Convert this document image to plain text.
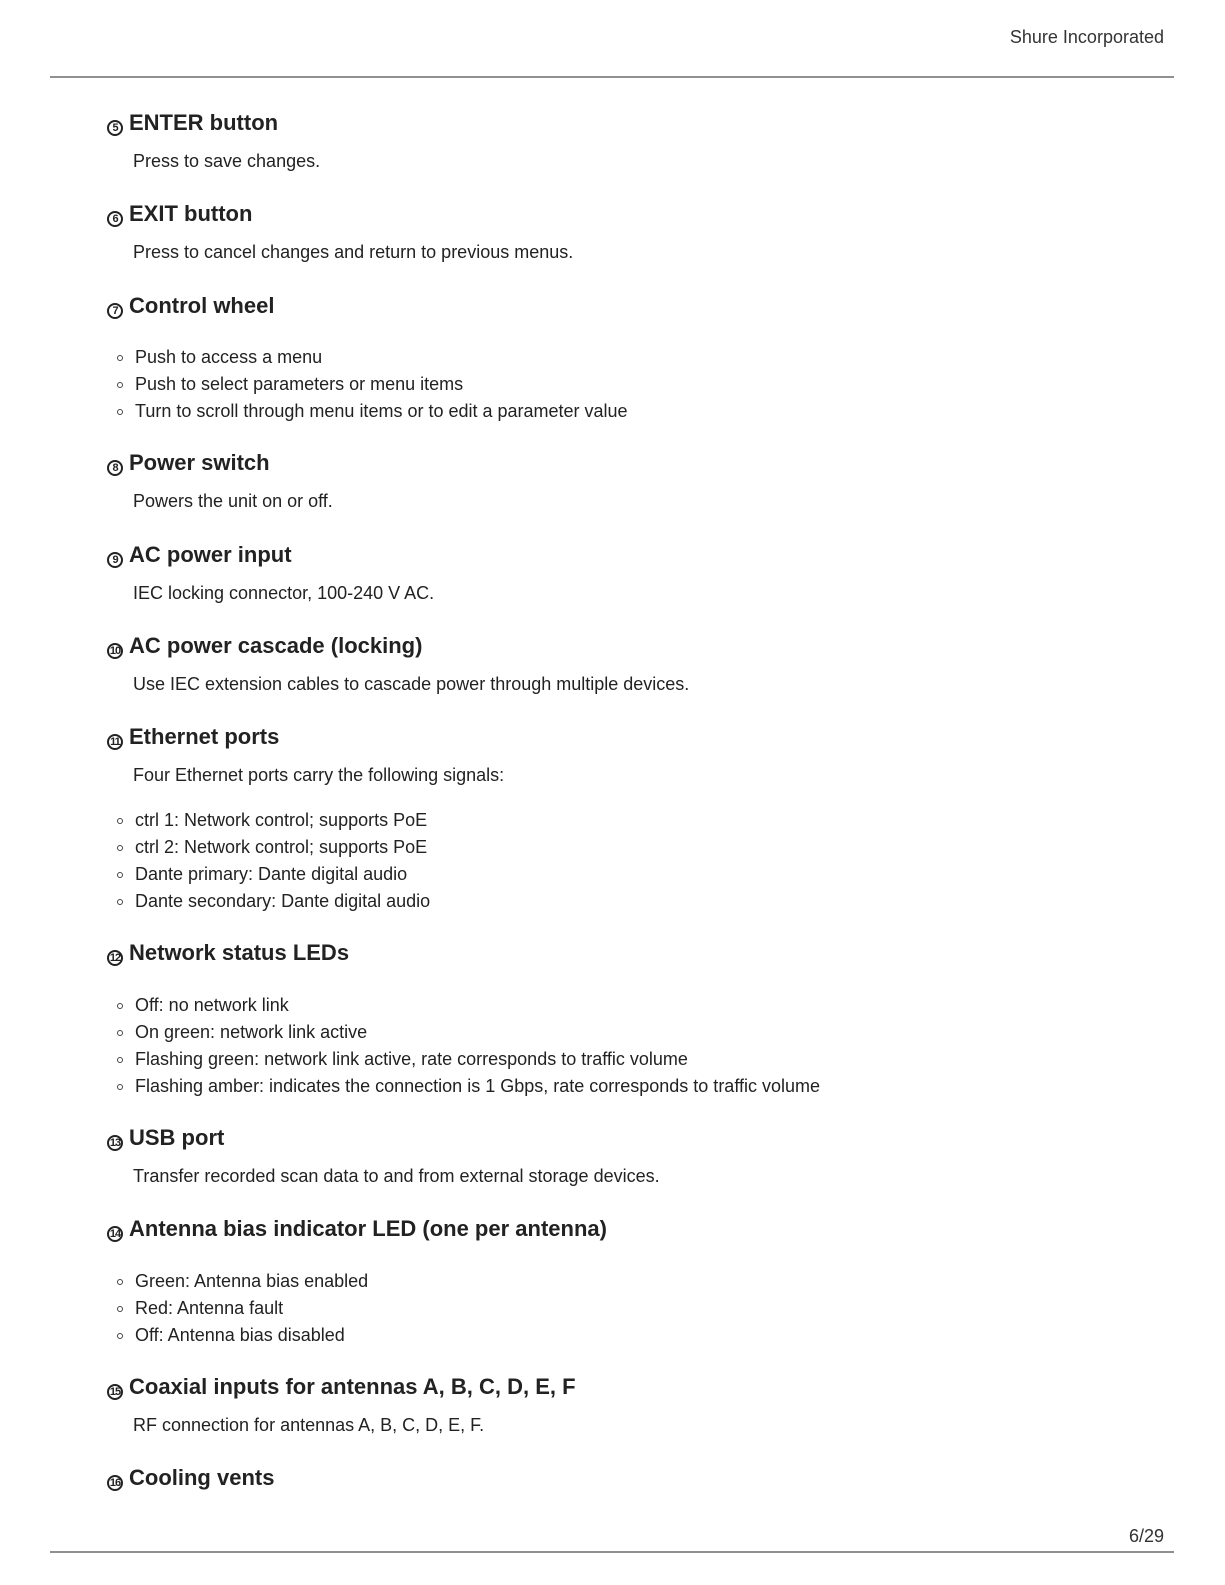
Shure Incorporated

5 ENTER button

Press to save changes.

6 EXIT button

Press to cancel changes and return to previous menus.

7 Control wheel
Push to access a menu
Push to select parameters or menu items
Turn to scroll through menu items or to edit a parameter value
8 Power switch

Powers the unit on or off.

9 AC power input

IEC locking connector, 100-240 V AC.

10 AC power cascade (locking)

Use IEC extension cables to cascade power through multiple devices.

11 Ethernet ports

Four Ethernet ports carry the following signals:

ctrl 1: Network control; supports PoE
ctrl 2: Network control; supports PoE
Dante primary: Dante digital audio
Dante secondary: Dante digital audio
12 Network status LEDs
Off: no network link
On green: network link active
Flashing green: network link active, rate corresponds to traffic volume
Flashing amber: indicates the connection is 1 Gbps, rate corresponds to traffic volume
13 USB port

Transfer recorded scan data to and from external storage devices.

14 Antenna bias indicator LED (one per antenna)
Green: Antenna bias enabled
Red: Antenna fault
Off: Antenna bias disabled
15 Coaxial inputs for antennas A, B, C, D, E, F

RF connection for antennas A, B, C, D, E, F.

16 Cooling vents
6/29
